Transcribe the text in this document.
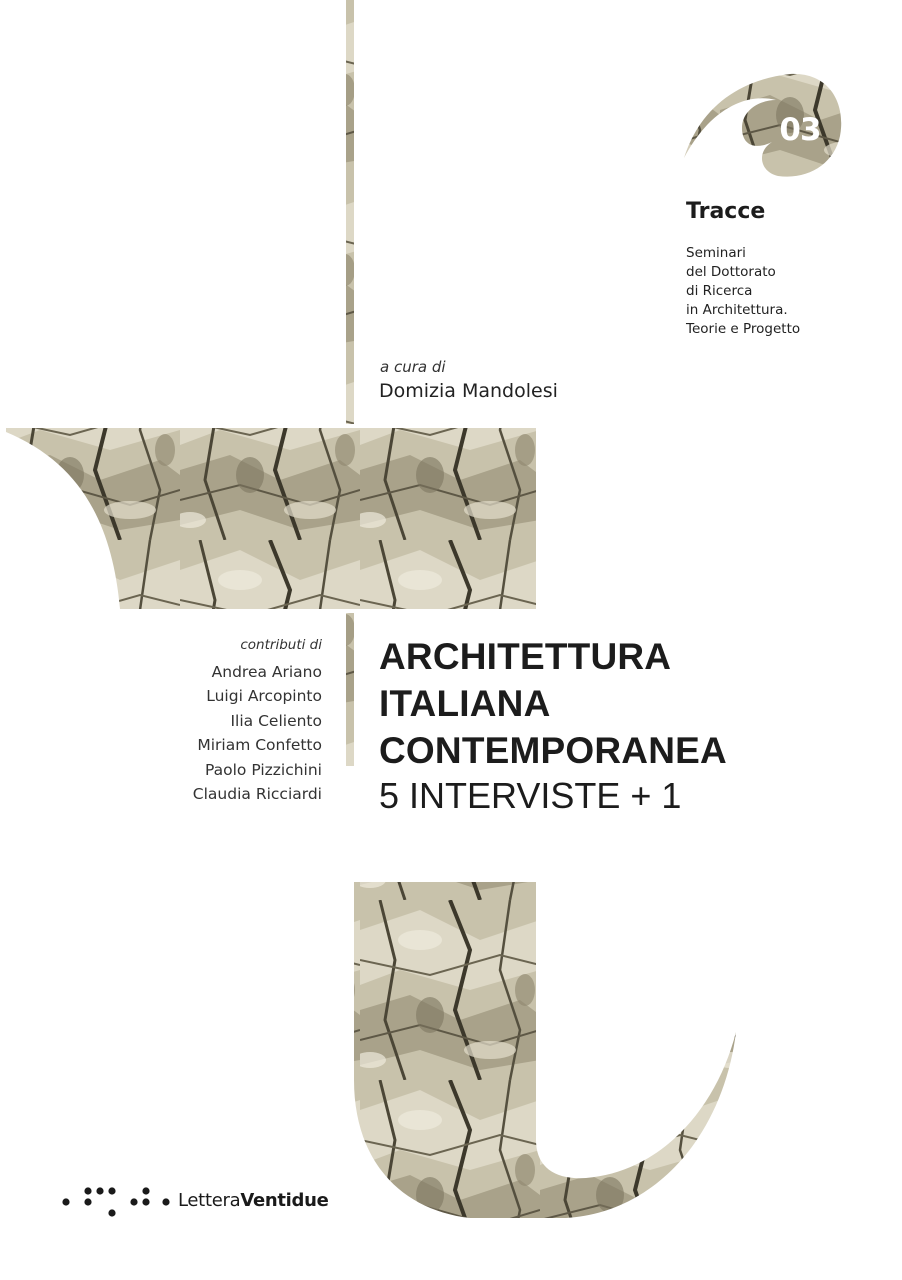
03
Tracce
Seminari
del Dottorato
di Ricerca
in Architettura.
Teorie e Progetto
a cura di
Domizia Mandolesi
contributi di
Andrea Ariano
Luigi Arcopinto
Ilia Celiento
Miriam Confetto
Paolo Pizzichini
Claudia Ricciardi
ARCHITETTURA
ITALIANA
CONTEMPORANEA
5 INTERVISTE + 1
LetteraVentidue
